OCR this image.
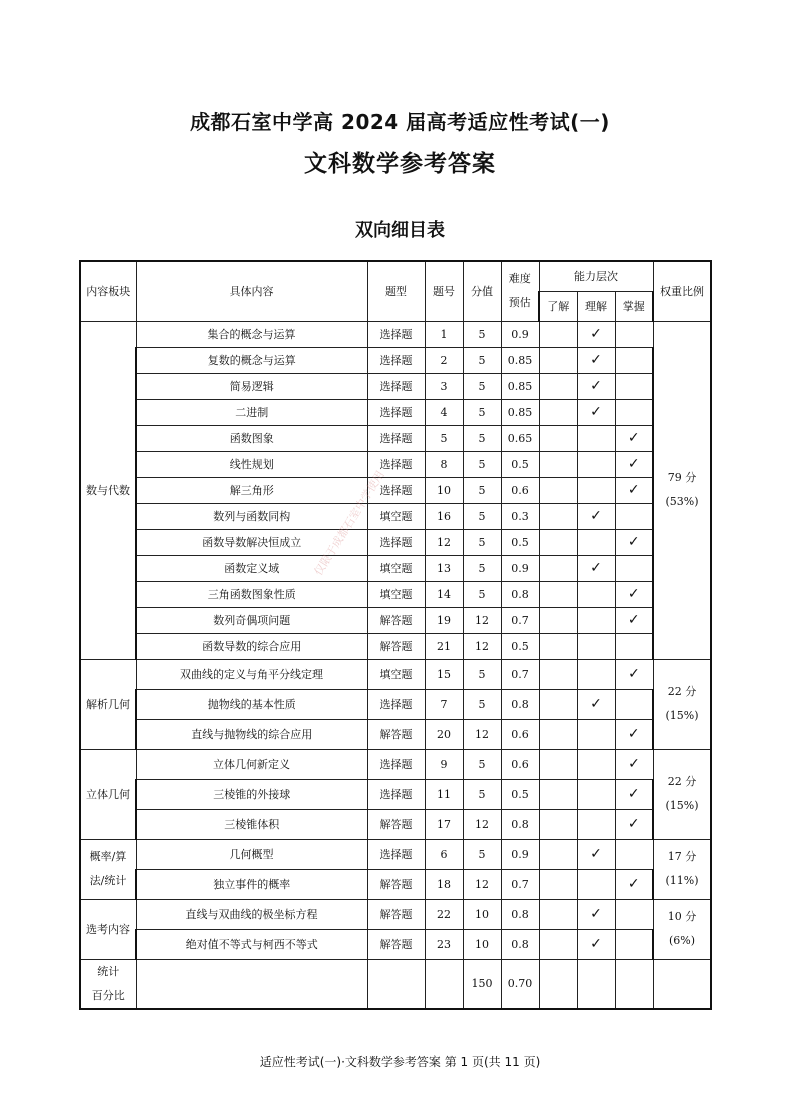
成都石室中学高 2024 届高考适应性考试(一)
文科数学参考答案
双向细目表
内容板块	具体内容	题型	题号	分值	难度
预估	能力层次			权重比例
						了解	理解	掌握	
数与代数	集合的概念与运算	选择题	1	5	0.9		✓		79 分
(53%)

	复数的概念与运算	选择题	2	5	0.85		✓		
	简易逻辑	选择题	3	5	0.85		✓		
	二进制	选择题	4	5	0.85		✓		
	函数图象	选择题	5	5	0.65			✓	
	线性规划	选择题	8	5	0.5			✓	
	解三角形	选择题	10	5	0.6			✓	
	数列与函数同构	填空题	16	5	0.3		✓		
	函数导数解决恒成立	选择题	12	5	0.5			✓	
	函数定义域	填空题	13	5	0.9		✓		
	三角函数图象性质	填空题	14	5	0.8			✓	
	数列奇偶项问题	解答题	19	12	0.7			✓	
	函数导数的综合应用	解答题	21	12	0.5				
解析几何	双曲线的定义与角平分线定理	填空题	15	5	0.7			✓	22 分
(15%)

	抛物线的基本性质	选择题	7	5	0.8		✓		
	直线与抛物线的综合应用	解答题	20	12	0.6			✓	
立体几何	立体几何新定义	选择题	9	5	0.6			✓	22 分
(15%)

	三棱锥的外接球	选择题	11	5	0.5			✓	
	三棱锥体积	解答题	17	12	0.8			✓	

概率/算
法/统计	几何概型	选择题	6	5	0.9		✓		17 分
(11%)

	独立事件的概率	解答题	18	12	0.7			✓	
选考内容	直线与双曲线的极坐标方程	解答题	22	10	0.8		✓		10 分
(6%)

	绝对值不等式与柯西不等式	解答题	23	10	0.8		✓		

统计
百分比				150	0.70				
仅限于成都石室中学使用
适应性考试(一)·文科数学参考答案 第 1 页(共 11 页)
